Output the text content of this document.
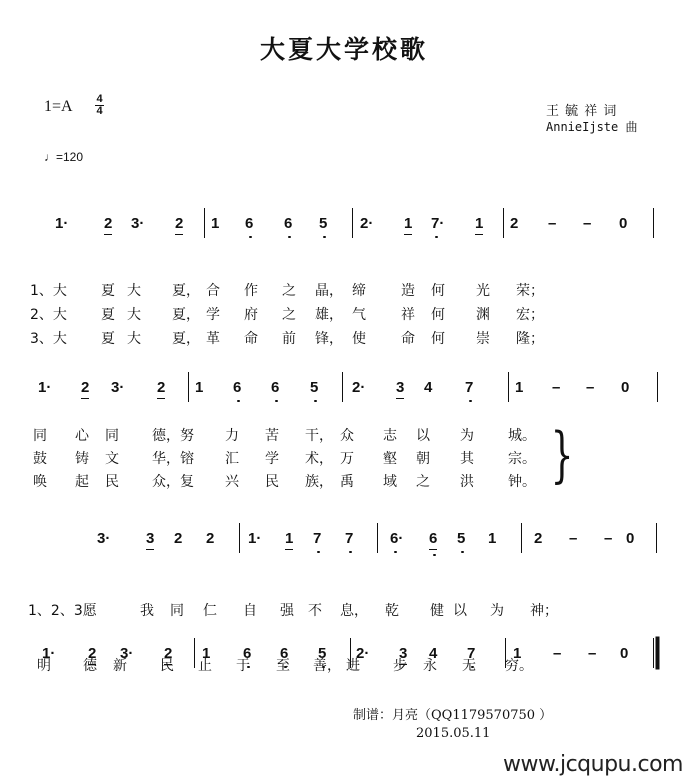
大夏大学校歌
1=A 4
4
♩=120
王 毓 祥 词
AnnieIjste 曲
1· 2 3· 2 1 6 6 5 2· 1 7· 1 2 – – 0
1、大 夏 大 夏， 合 作 之 晶， 缔	造 何 光 荣；
2、大 夏 大 夏， 学 府 之 雄， 气	祥 何 渊 宏；
3、大 夏 大 夏， 革 命 前 锋， 使	命 何 崇 隆；
1· 2 3· 2 1 6 6 5 2· 3 4 7	1 – – 0
同 心 同 德， 努 力 苦 干， 众 志 以 为 城。
鼓 铸 文 华， 镕 汇 学 术， 万 壑 朝 其 宗。
唤 起 民 众， 复 兴 民 族， 禹 域 之 洪 钟。
3· 3 2 2 1· 1 7 7 6· 6 5 1	2 – – 0
1、2、3愿	我 同 仁 自 强 不 息， 乾 健 以 为 神；
1· 2 3· 2 1 6 6 5 2· 3 4 7	1 – – 0
明 德 新 民 止 于 至 善， 进 步 永 无 穷。
}
制谱：月亮（QQ1179570750 ）
2015.05.11
www.jcqupu.com
